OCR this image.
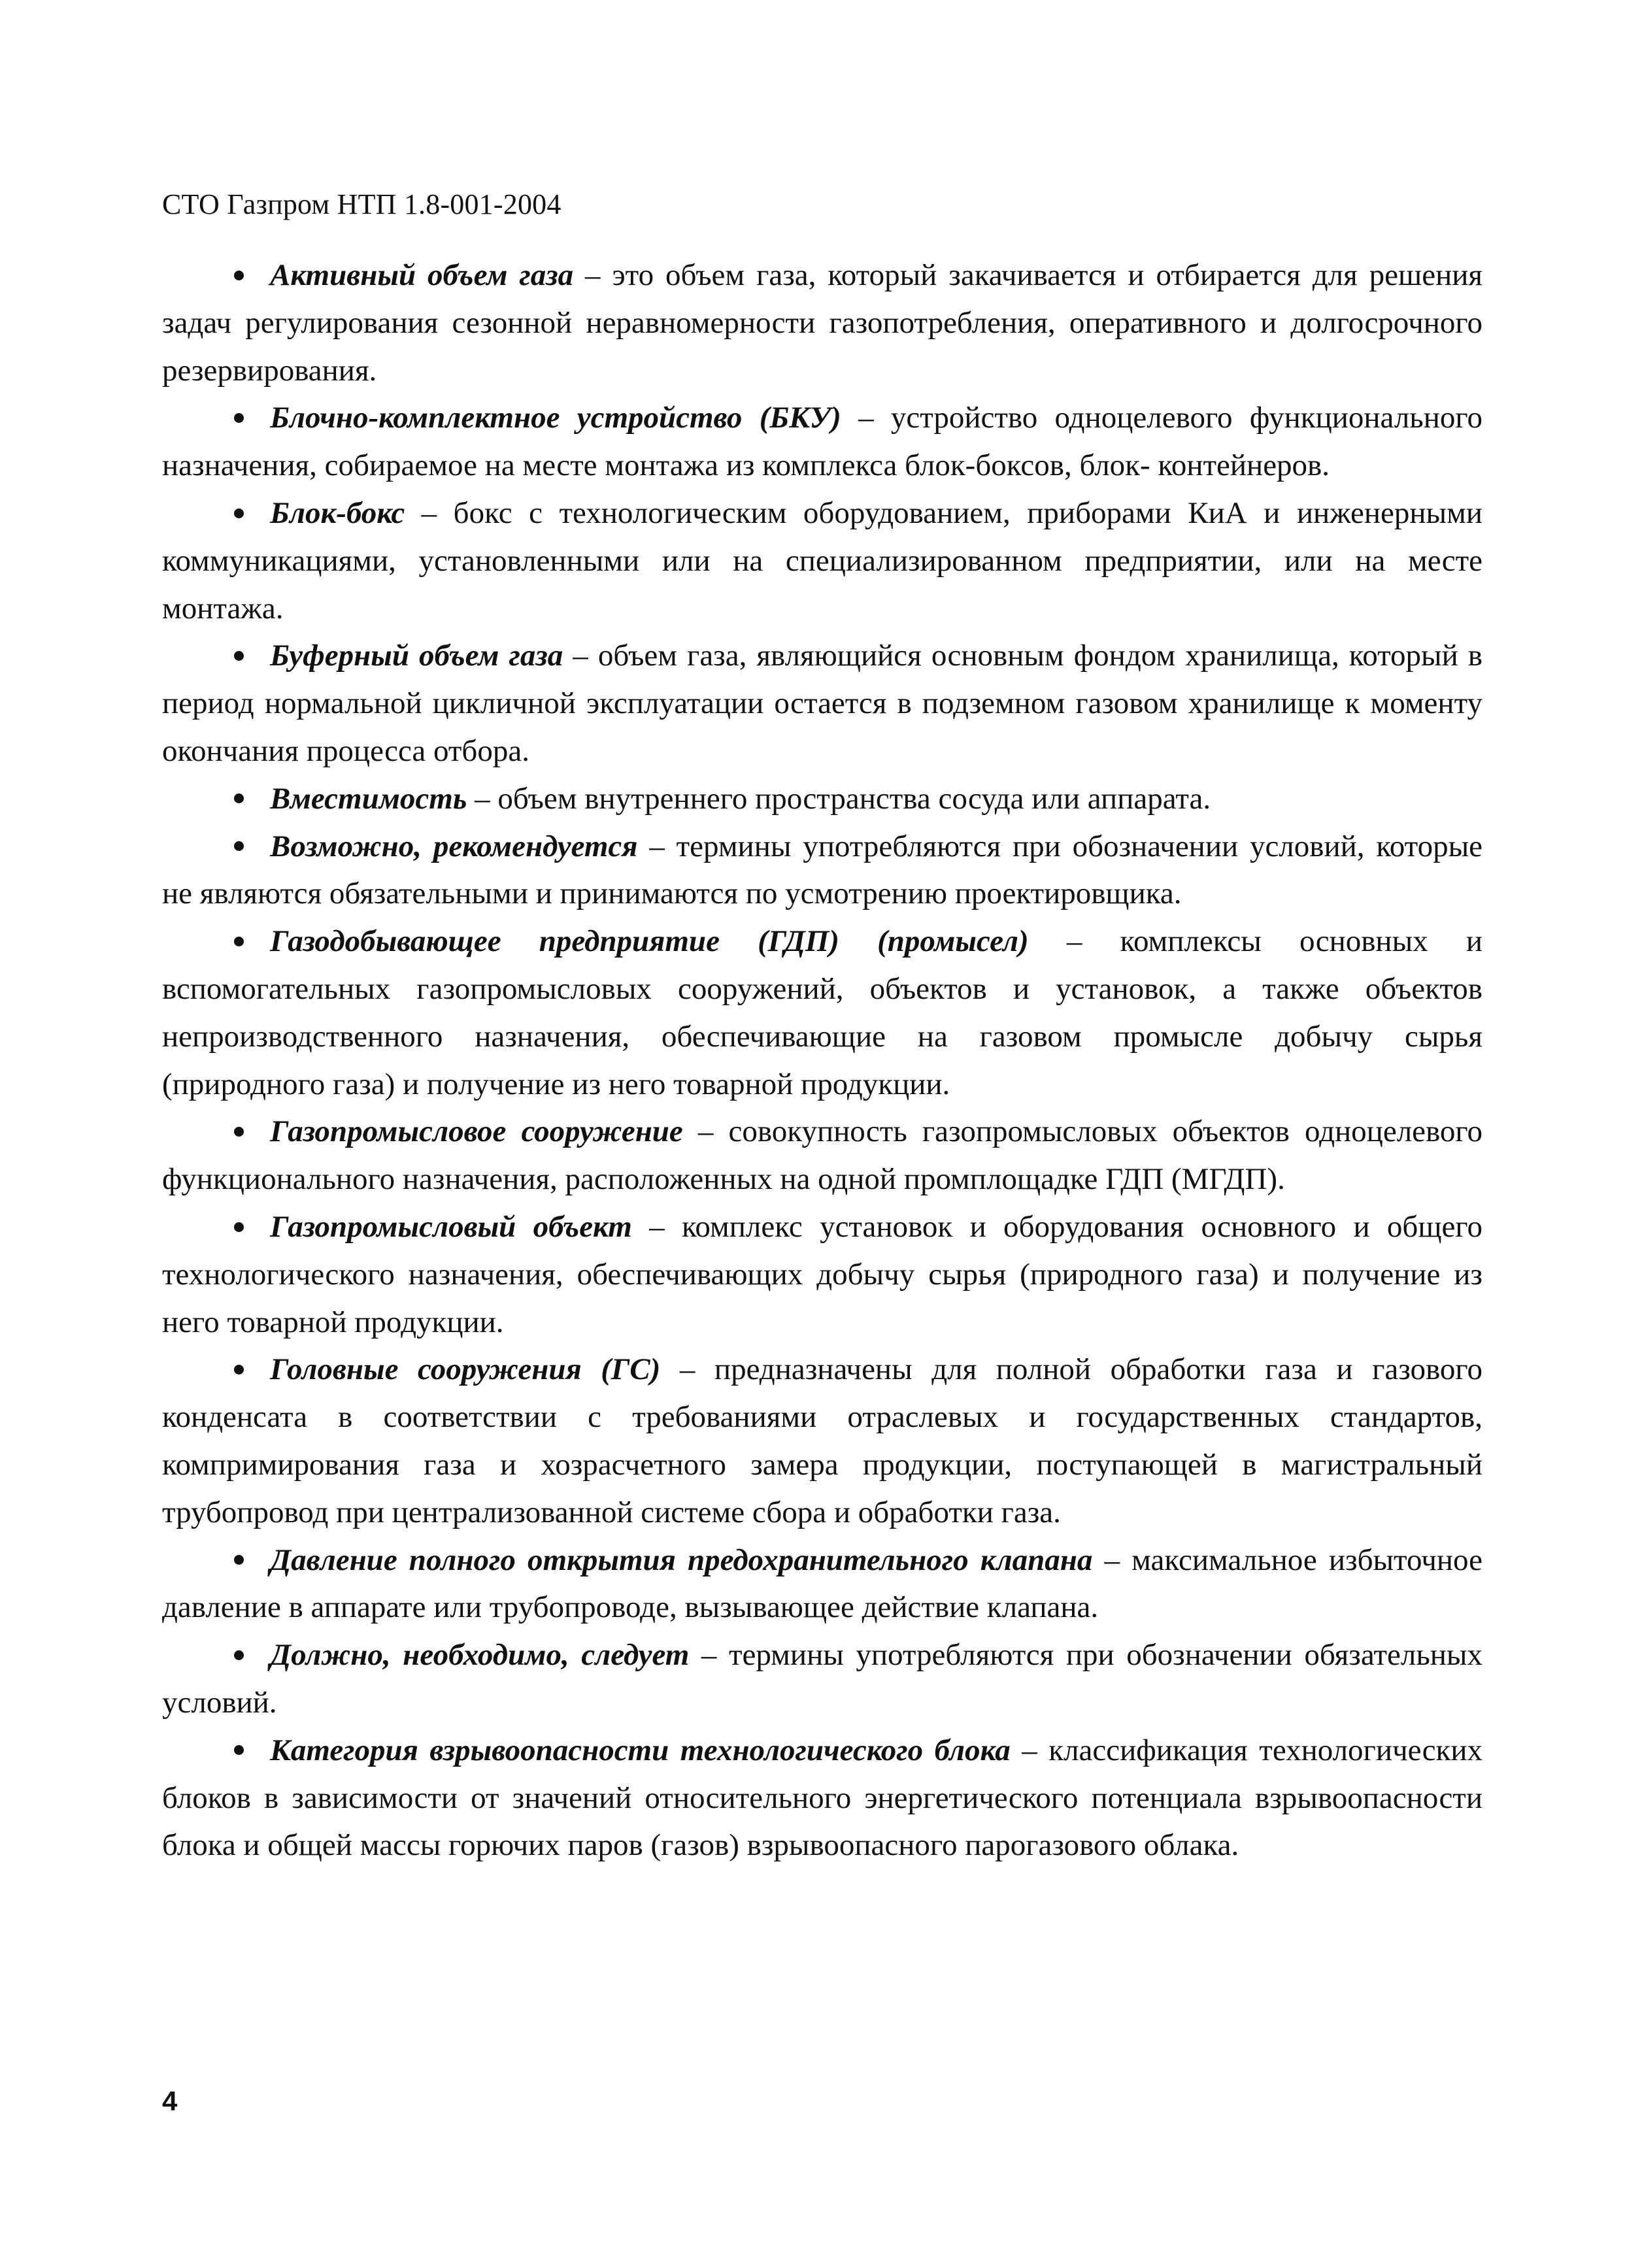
СТО Газпром НТП 1.8-001-2004

Активный объем газа – это объем газа, который закачивается и отбирается для решения задач регулирования сезонной неравномерности газопотребления, оперативного и долгосрочного резервирования.

Блочно-комплектное устройство (БКУ) – устройство одноцелевого функционального назначения, собираемое на месте монтажа из комплекса блок-боксов, блок- контейнеров.

Блок-бокс – бокс с технологическим оборудованием, приборами КиА и инженерными коммуникациями, установленными или на специализированном предприятии, или на месте монтажа.

Буферный объем газа – объем газа, являющийся основным фондом хранилища, который в период нормальной цикличной эксплуатации остается в подземном газовом хранилище к моменту окончания процесса отбора.

Вместимость – объем внутреннего пространства сосуда или аппарата.

Возможно, рекомендуется – термины употребляются при обозначении условий, которые не являются обязательными и принимаются по усмотрению проектировщика.

Газодобывающее предприятие (ГДП) (промысел) – комплексы основных и вспомогательных газопромысловых сооружений, объектов и установок, а также объектов непроизводственного назначения, обеспечивающие на газовом промысле добычу сырья (природного газа) и получение из него товарной продукции.

Газопромысловое сооружение – совокупность газопромысловых объектов одноцелевого функционального назначения, расположенных на одной промплощадке ГДП (МГДП).

Газопромысловый объект – комплекс установок и оборудования основного и общего технологического назначения, обеспечивающих добычу сырья (природного газа) и получение из него товарной продукции.

Головные сооружения (ГС) – предназначены для полной обработки газа и газового конденсата в соответствии с требованиями отраслевых и государственных стандартов, компримирования газа и хозрасчетного замера продукции, поступающей в магистральный трубопровод при централизованной системе сбора и обработки газа.

Давление полного открытия предохранительного клапана – максимальное избыточное давление в аппарате или трубопроводе, вызывающее действие клапана.

Должно, необходимо, следует – термины употребляются при обозначении обязательных условий.

Категория взрывоопасности технологического блока – классификация технологических блоков в зависимости от значений относительного энергетического потенциала взрывоопасности блока и общей массы горючих паров (газов) взрывоопасного парогазового облака.

4
